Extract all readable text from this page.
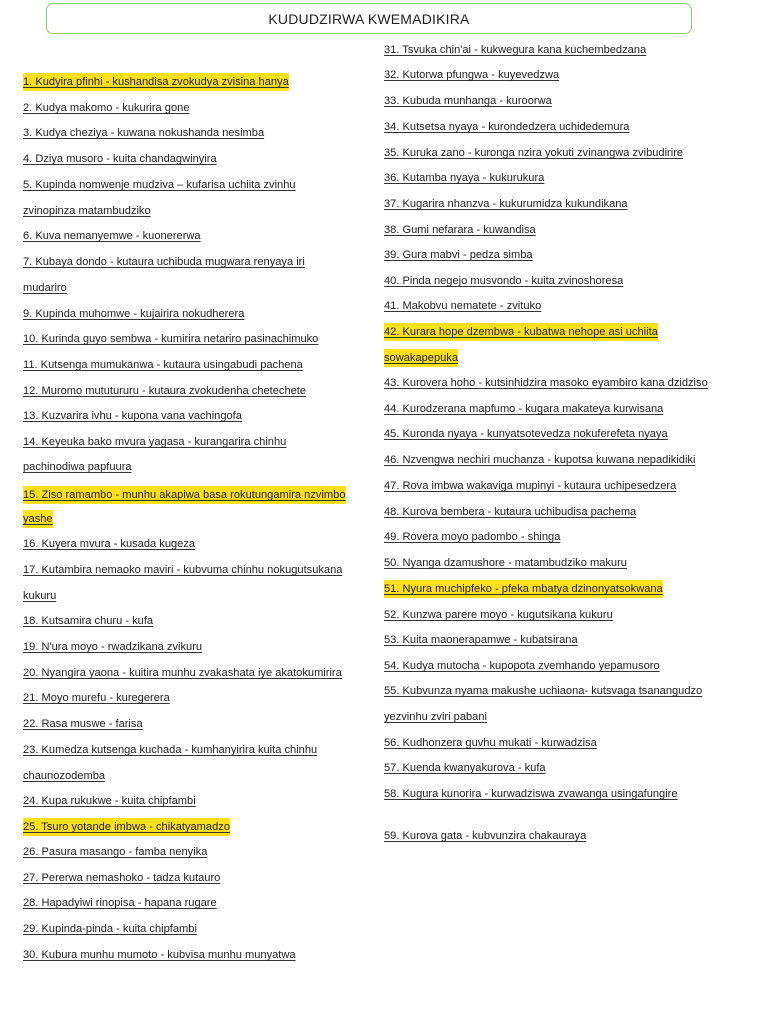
KUDUDZIRWA KWEMADIKIRA
1. Kudyira pfinhi - kushandisa zvokudya zvisina hanya
2. Kudya makomo - kukurira gone
3. Kudya cheziya - kuwana nokushanda nesimba
4. Dziya musoro - kuita chandagwinyira
5. Kupinda nomwenje mudziva – kufarisa uchiita zvinhu
zvinopinza matambudziko
6. Kuva nemanyemwe - kuonererwa
7. Kubaya dondo - kutaura uchibuda mugwara renyaya iri
mudariro
9. Kupinda muhomwe - kujairira nokudherera
10. Kurinda guyo sembwa - kumirira netariro pasinachimuko
11. Kutsenga mumukanwa - kutaura usingabudi pachena
12. Muromo mututururu - kutaura zvokudenha chetechete
13. Kuzvarira ivhu - kupona vana vachingofa
14. Keyeuka bako mvura yagasa - kurangarira chinhu
pachinodiwa papfuura
15. Ziso ramambo - munhu akapiwa basa rokutungamira nzvimbo
yashe
16. Kuyera mvura - kusada kugeza
17. Kutambira nemaoko maviri - kubvuma chinhu nokugutsukana
kukuru
18. Kutsamira churu - kufa
19. N'ura moyo - rwadzikana zvikuru
20. Nyangira yaona - kuitira munhu zvakashata iye akatokumirira
21. Moyo murefu - kuregerera
22. Rasa muswe - farisa
23. Kumedza kutsenga kuchada - kumhanyirira kuita chinhu
chaunozodemba
24. Kupa rukukwe - kuita chipfambi
25. Tsuro yotande imbwa - chikatyamadzo
26. Pasura masango - famba nenyika
27. Pererwa nemashoko - tadza kutauro
28. Hapadyiwi rinopisa - hapana rugare
29. Kupinda-pinda - kuita chipfambi
30. Kubura munhu mumoto - kubvisa munhu munyatwa
31. Tsvuka chin'ai - kukwegura kana kuchembedzana
32. Kutorwa pfungwa - kuyevedzwa
33. Kubuda munhanga - kuroorwa
34. Kutsetsa nyaya - kurondedzera uchidedemura
35. Kuruka zano - kuronga nzira yokuti zvinangwa zvibudirire
36. Kutamba nyaya - kukurukura
37. Kugarira nhanzva - kukurumidza kukundikana
38. Gumi nefarara - kuwandisa
39. Gura mabvi - pedza simba
40. Pinda negejo musvondo - kuita zvinoshoresa
41. Makobvu nematete - zvituko
42. Kurara hope dzembwa - kubatwa nehope asi uchiita
sowakapepuka
43. Kurovera hoho - kutsinhidzira masoko eyambiro kana dzidziso
44. Kurodzerana mapfumo - kugara makateya kurwisana
45. Kuronda nyaya - kunyatsotevedza nokuferefeta nyaya
46. Nzvengwa nechiri muchanza - kupotsa kuwana nepadikidiki
47. Rova imbwa wakaviga mupinyi - kutaura uchipesedzera
48. Kurova bembera - kutaura uchibudisa pachema
49. Rovera moyo padombo - shinga
50. Nyanga dzamushore - matambudziko makuru
51. Nyura muchipfeko - pfeka mbatya dzinonyatsokwana
52. Kunzwa parere moyo - kugutsikana kukuru
53. Kuita maonerapamwe - kubatsirana
54. Kudya mutocha - kupopota zvemhando yepamusoro
55. Kubvunza nyama makushe uchiaona- kutsvaga tsanangudzo
yezvinhu zviri pabani
56. Kudhonzera guvhu mukati - kurwadzisa
57. Kuenda kwanyakurova - kufa
58. Kugura kunorira - kurwadziswa zvawanga usingafungire
59. Kurova gata - kubvunzira chakauraya
